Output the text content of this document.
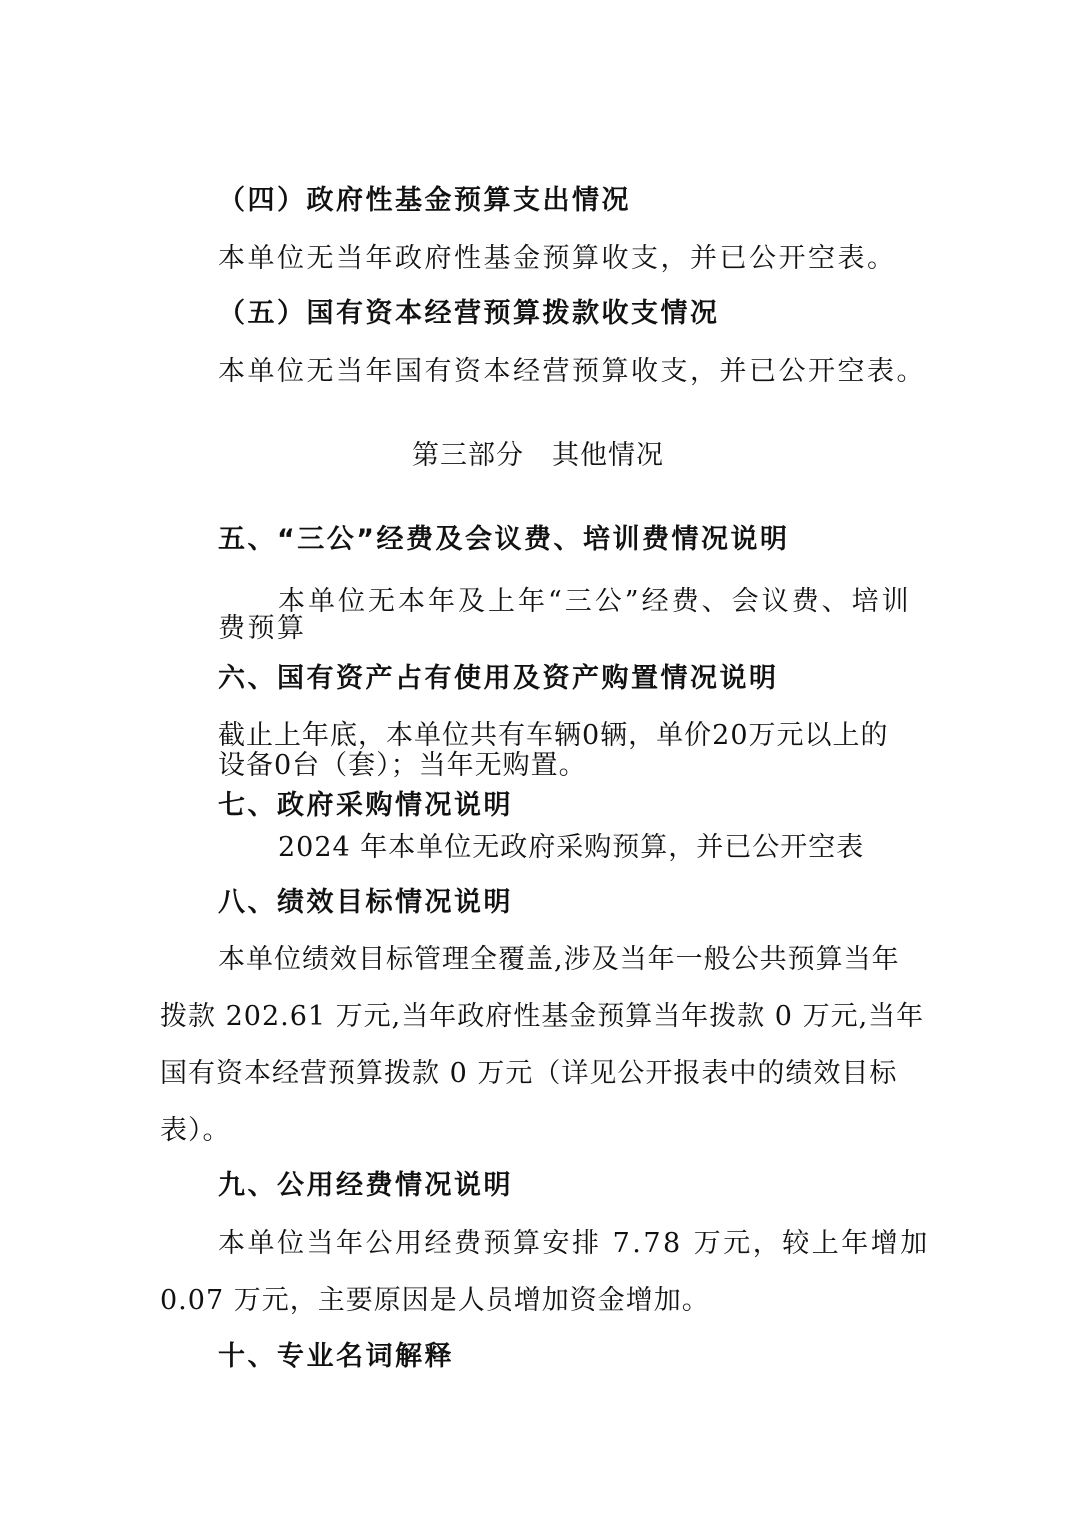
（四）政府性基金预算支出情况
本单位无当年政府性基金预算收支，并已公开空表。
（五）国有资本经营预算拨款收支情况
本单位无当年国有资本经营预算收支，并已公开空表。
第三部分　其他情况
五、“三公”经费及会议费、培训费情况说明
本单位无本年及上年“三公”经费、会议费、培训
费预算
六、国有资产占有使用及资产购置情况说明
截止上年底，本单位共有车辆0辆，单价20万元以上的
设备0台（套）；当年无购置。
七、政府采购情况说明
2024 年本单位无政府采购预算，并已公开空表
八、绩效目标情况说明
本单位绩效目标管理全覆盖,涉及当年一般公共预算当年
拨款 202.61 万元,当年政府性基金预算当年拨款 0 万元,当年
国有资本经营预算拨款 0 万元（详见公开报表中的绩效目标
表）。
九、公用经费情况说明
本单位当年公用经费预算安排 7.78 万元，较上年增加
0.07 万元，主要原因是人员增加资金增加。
十、专业名词解释
